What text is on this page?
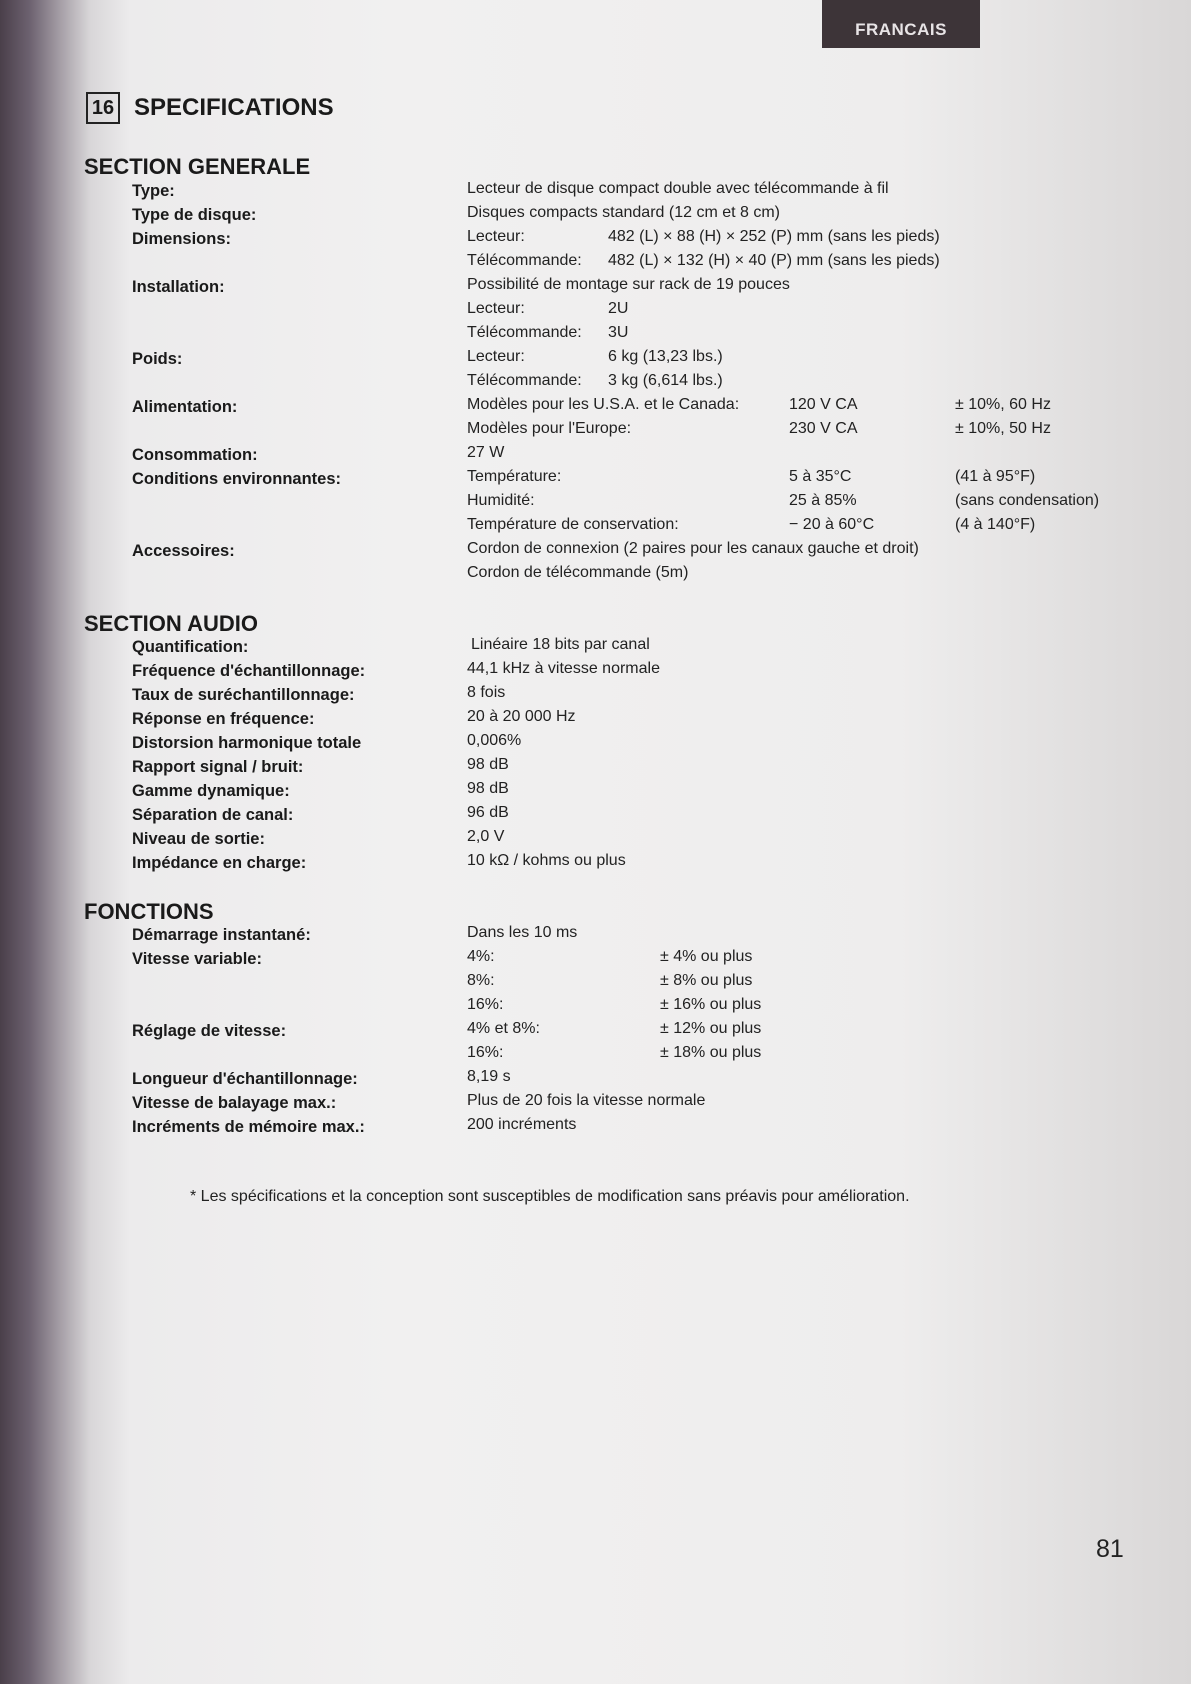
FRANCAIS
16 SPECIFICATIONS
SECTION GENERALE
Type:	Lecteur de disque compact double avec télécommande à fil
Type de disque:	Disques compacts standard (12 cm et 8 cm)
Dimensions:	Lecteur:	482 (L) × 88 (H) × 252 (P) mm (sans les pieds)
Télécommande: 482 (L) × 132 (H) × 40 (P) mm (sans les pieds)
Installation:	Possibilité de montage sur rack de 19 pouces
Lecteur:	2U
Télécommande: 3U
Poids:	Lecteur:	6 kg (13,23 lbs.)
Télécommande: 3 kg (6,614 lbs.)
Alimentation:	Modèles pour les U.S.A. et le Canada:	120 V CA	± 10%, 60 Hz
Modèles pour l'Europe:	230 V CA	± 10%, 50 Hz
Consommation:	27 W
Conditions environnantes:	Température:	5 à 35°C	(41 à 95°F)
Humidité:	25 à 85%	(sans condensation)
Température de conservation:	− 20 à 60°C	(4 à 140°F)
Accessoires:	Cordon de connexion (2 paires pour les canaux gauche et droit)
Cordon de télécommande (5m)
SECTION AUDIO
Quantification:	Linéaire 18 bits par canal
Fréquence d'échantillonnage:	44,1 kHz à vitesse normale
Taux de suréchantillonnage:	8 fois
Réponse en fréquence:	20 à 20 000 Hz
Distorsion harmonique totale	0,006%
Rapport signal / bruit:	98 dB
Gamme dynamique:	98 dB
Séparation de canal:	96 dB
Niveau de sortie:	2,0 V
Impédance en charge:	10 kΩ / kohms ou plus
FONCTIONS
Démarrage instantané:	Dans les 10 ms
Vitesse variable:	4%:	± 4% ou plus
8%:	± 8% ou plus
16%:	± 16% ou plus
Réglage de vitesse:	4% et 8%:	± 12% ou plus
16%:	± 18% ou plus
Longueur d'échantillonnage:	8,19 s
Vitesse de balayage max.:	Plus de 20 fois la vitesse normale
Incréments de mémoire max.:	200 incréments
* Les spécifications et la conception sont susceptibles de modification sans préavis pour amélioration.
81
